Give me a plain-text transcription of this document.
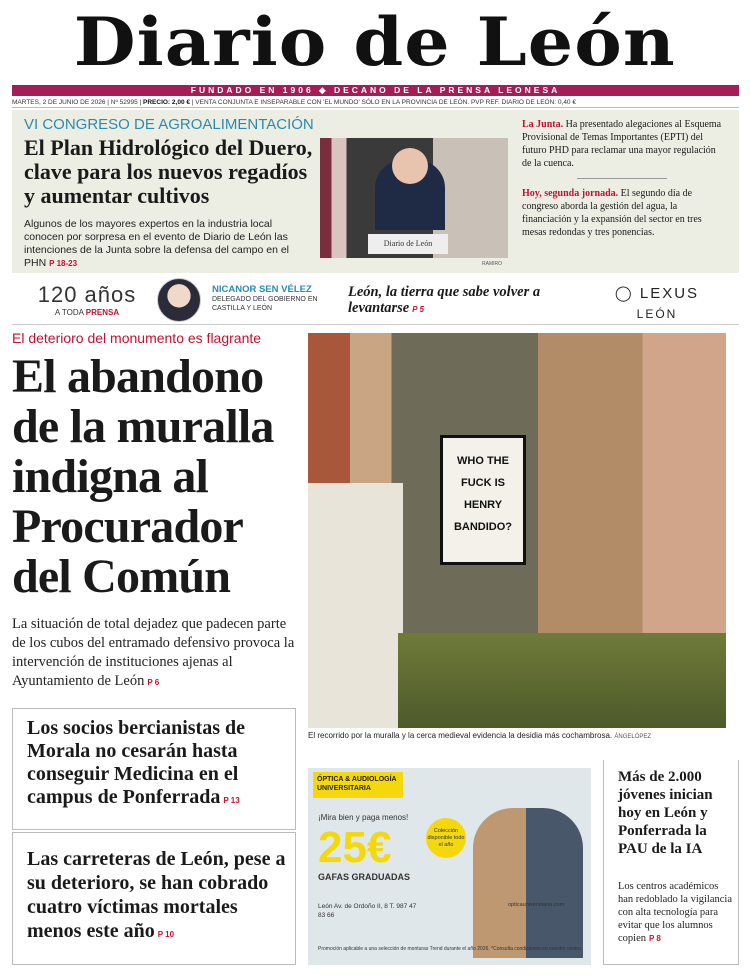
Diario de León
FUNDADO EN 1906 ◆ DECANO DE LA PRENSA LEONESA
MARTES, 2 DE JUNIO DE 2026 | Nº 52995 | PRECIO: 2,00 € | VENTA CONJUNTA E INSEPARABLE CON 'EL MUNDO' SÓLO EN LA PROVINCIA DE LEÓN. PVP REF. DIARIO DE LEÓN: 0,40 €
VI CONGRESO DE AGROALIMENTACIÓN
El Plan Hidrológico del Duero, clave para los nuevos regadíos y aumentar cultivos
Algunos de los mayores expertos en la industria local conocen por sorpresa en el evento de Diario de León las intenciones de la Junta sobre la defensa del campo en el PHN P 18-23
Diario de León
RAMIRO

La Junta. Ha presentado alegaciones al Esquema Provisional de Temas Importantes (EPTI) del futuro PHD para reclamar una mayor regulación de la cuenca.

Hoy, segunda jornada. El segundo día de congreso aborda la gestión del agua, la financiación y la expansión del sector en tres mesas redondas y tres ponencias.

120 años
A TODA PRENSA
NICANOR SEN VÉLEZ
DELEGADO DEL GOBIERNO EN CASTILLA Y LEÓN
León, la tierra que sabe volver a levantarse P 5
◯ LEXUS
LEÓN
El deterioro del monumento es flagrante
El abandono de la muralla indigna al Procurador del Común
La situación de total dejadez que padecen parte de los cubos del entramado defensivo provoca la intervención de instituciones ajenas al Ayuntamiento de León P 6
WHO THE FUCK IS HENRY BANDIDO?
El recorrido por la muralla y la cerca medieval evidencia la desidia más cochambrosa. ÁNGELÓPEZ
Los socios bercianistas de Morala no cesarán hasta conseguir Medicina en el campus de Ponferrada P 13
Las carreteras de León, pese a su deterioro, se han cobrado cuatro víctimas mortales menos este año P 10
ÓPTICA & AUDIOLOGÍA UNIVERSITARIA
¡Mira bien y paga menos!
25€
GAFAS GRADUADAS
Colección disponible todo el año
León Av. de Ordoño II, 8 T. 987 47 83 66
opticauniversitaria.com
Promoción aplicable a una selección de monturas Trend durante el año 2026. *Consulta condiciones en nuestro centro.
Más de 2.000 jóvenes inician hoy en León y Ponferrada la PAU de la IA
Los centros académicos han redoblado la vigilancia con alta tecnología para evitar que los alumnos copien P 8
